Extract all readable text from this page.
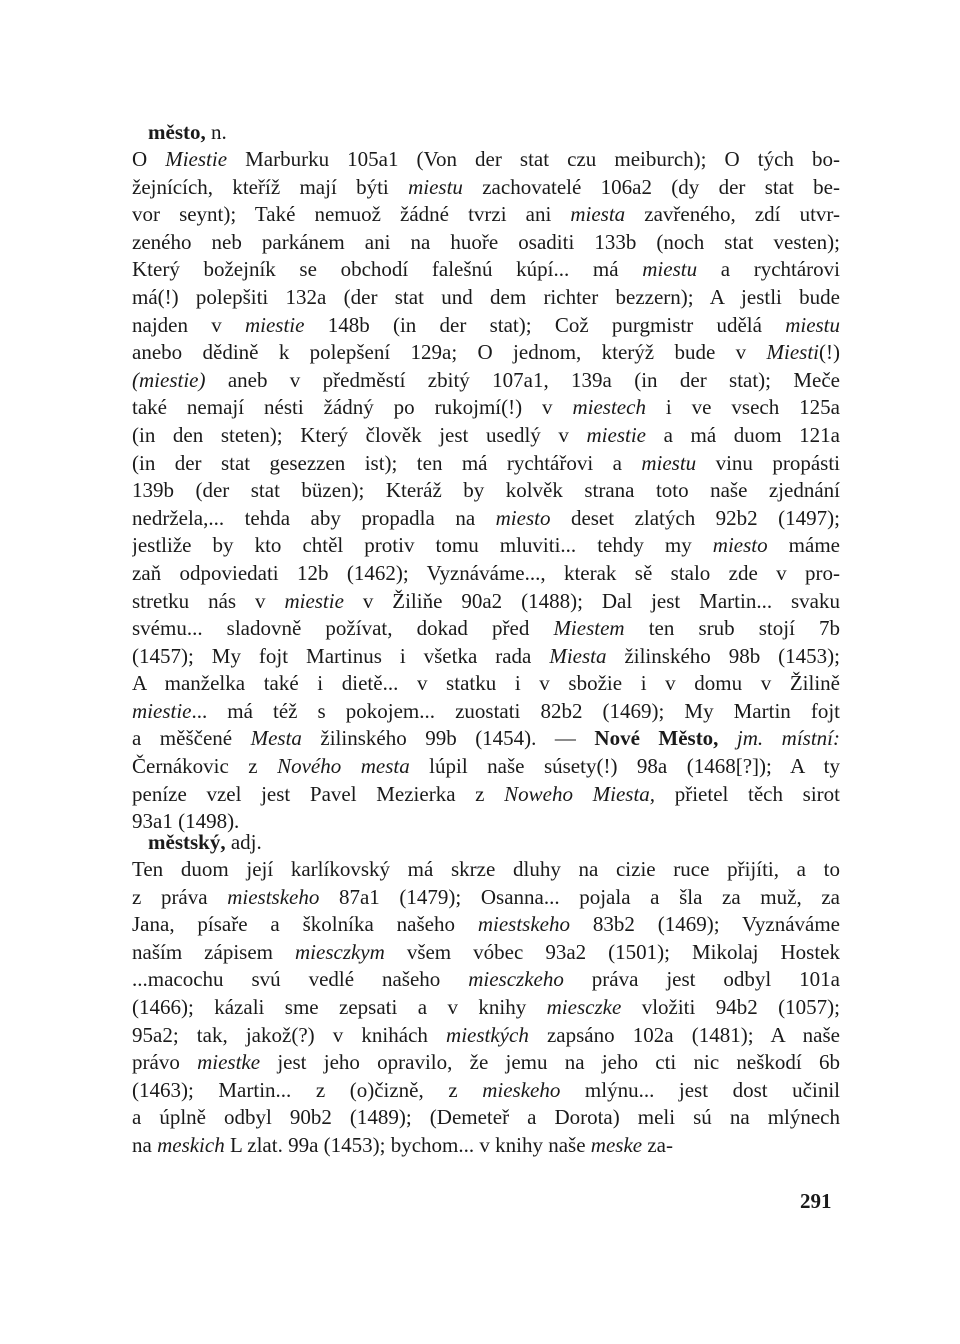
město, n.

O Miestie Marburku 105a1 (Von der stat czu meiburch); O tých bo-
žejnících, kteříž mají býti miestu zachovatelé 106a2 (dy der stat be-
vor seynt); Také nemuož žádné tvrzi ani miesta zavřeného, zdí utvr-
zeného neb parkánem ani na huoře osaditi 133b (noch stat vesten);
Který božejník se obchodí falešnú kúpí... má miestu a rychtárovi
má(!) polepšiti 132a (der stat und dem richter bezzern); A jestli bude
najden v miestie 148b (in der stat); Což purgmistr udělá miestu
anebo dědině k polepšení 129a; O jednom, kterýž bude v Miesti(!)
(miestie) aneb v předměstí zbitý 107a1, 139a (in der stat); Meče
také nemají nésti žádný po rukojmí(!) v miestech i ve vsech 125a
(in den steten); Který člověk jest usedlý v miestie a má duom 121a
(in der stat gesezzen ist); ten má rychtářovi a miestu vinu propásti
139b (der stat büzen); Kteráž by kolvěk strana toto naše zjednání
nedržela,... tehda aby propadla na miesto deset zlatých 92b2 (1497);
jestliže by kto chtěl protiv tomu mluviti... tehdy my miesto máme
zaň odpoviedati 12b (1462); Vyznáváme..., kterak sě stalo zde v pro-
stretku nás v miestie v Žiliňe 90a2 (1488); Dal jest Martin... svaku
svému... sladovně požívat, dokad před Miestem ten srub stojí 7b
(1457); My fojt Martinus i všetka rada Miesta žilinského 98b (1453);
A manželka také i dietě... v statku i v sbožie i v domu v Žilině
miestie... má též s pokojem... zuostati 82b2 (1469); My Martin fojt
a měščené Mesta žilinského 99b (1454). — Nové Město, jm. místní:
Černákovic z Nového mesta lúpil naše súsety(!) 98a (1468[?]); A ty
peníze vzel jest Pavel Mezierka z Noweho Miesta, přietel těch sirot
93a1 (1498).

městský, adj.

Ten duom její karlíkovský má skrze dluhy na cizie ruce přijíti, a to
z práva miestskeho 87a1 (1479); Osanna... pojala a šla za muž, za
Jana, písaře a školníka našeho miestskeho 83b2 (1469); Vyznáváme
naším zápisem miesczkym všem vóbec 93a2 (1501); Mikolaj Hostek
...macochu svú vedlé našeho miesczkeho práva jest odbyl 101a
(1466); kázali sme zepsati a v knihy miesczke vložiti 94b2 (1057);
95a2; tak, jakož(?) v knihách miestkých zapsáno 102a (1481); A naše
právo miestke jest jeho opravilo, že jemu na jeho cti nic neškodí 6b
(1463); Martin... z (o)čizně, z mieskeho mlýnu... jest dost učinil
a úplně odbyl 90b2 (1489); (Demeteř a Dorota) meli sú na mlýnech
na meskich L zlat. 99a (1453); bychom... v knihy naše meske za-
291
